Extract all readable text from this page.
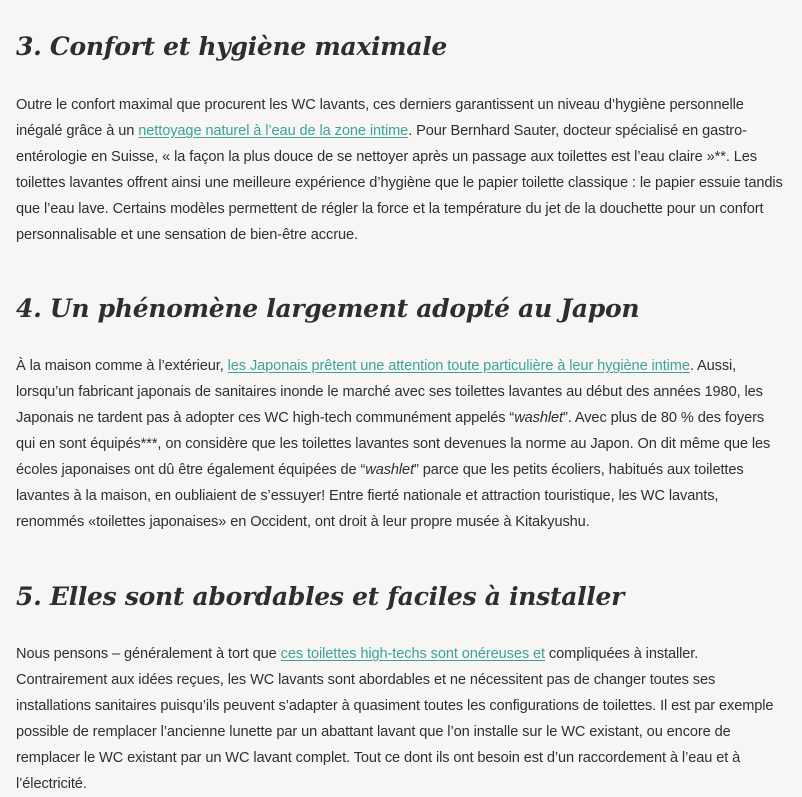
3. Confort et hygiène maximale

Outre le confort maximal que procurent les WC lavants, ces derniers garantissent un niveau d’hygiène personnelle inégalé grâce à un nettoyage naturel à l’eau de la zone intime. Pour Bernhard Sauter, docteur spécialisé en gastro-entérologie en Suisse, « la façon la plus douce de se nettoyer après un passage aux toilettes est l’eau claire »**. Les toilettes lavantes offrent ainsi une meilleure expérience d’hygiène que le papier toilette classique : le papier essuie tandis que l’eau lave. Certains modèles permettent de régler la force et la température du jet de la douchette pour un confort personnalisable et une sensation de bien-être accrue.

4. Un phénomène largement adopté au Japon

À la maison comme à l’extérieur, les Japonais prêtent une attention toute particulière à leur hygiène intime. Aussi, lorsqu’un fabricant japonais de sanitaires inonde le marché avec ses toilettes lavantes au début des années 1980, les Japonais ne tardent pas à adopter ces WC high-tech communément appelés “washlet”. Avec plus de 80 % des foyers qui en sont équipés***, on considère que les toilettes lavantes sont devenues la norme au Japon. On dit même que les écoles japonaises ont dû être également équipées de “washlet” parce que les petits écoliers, habitués aux toilettes lavantes à la maison, en oubliaient de s’essuyer! Entre fierté nationale et attraction touristique, les WC lavants, renommés «toilettes japonaises» en Occident, ont droit à leur propre musée à Kitakyushu.

5. Elles sont abordables et faciles à installer

Nous pensons – généralement à tort que ces toilettes high-techs sont onéreuses et compliquées à installer. Contrairement aux idées reçues, les WC lavants sont abordables et ne nécessitent pas de changer toutes ses installations sanitaires puisqu’ils peuvent s’adapter à quasiment toutes les configurations de toilettes. Il est par exemple possible de remplacer l’ancienne lunette par un abattant lavant que l’on installe sur le WC existant, ou encore de remplacer le WC existant par un WC lavant complet. Tout ce dont ils ont besoin est d’un raccordement à l’eau et à l’électricité.
